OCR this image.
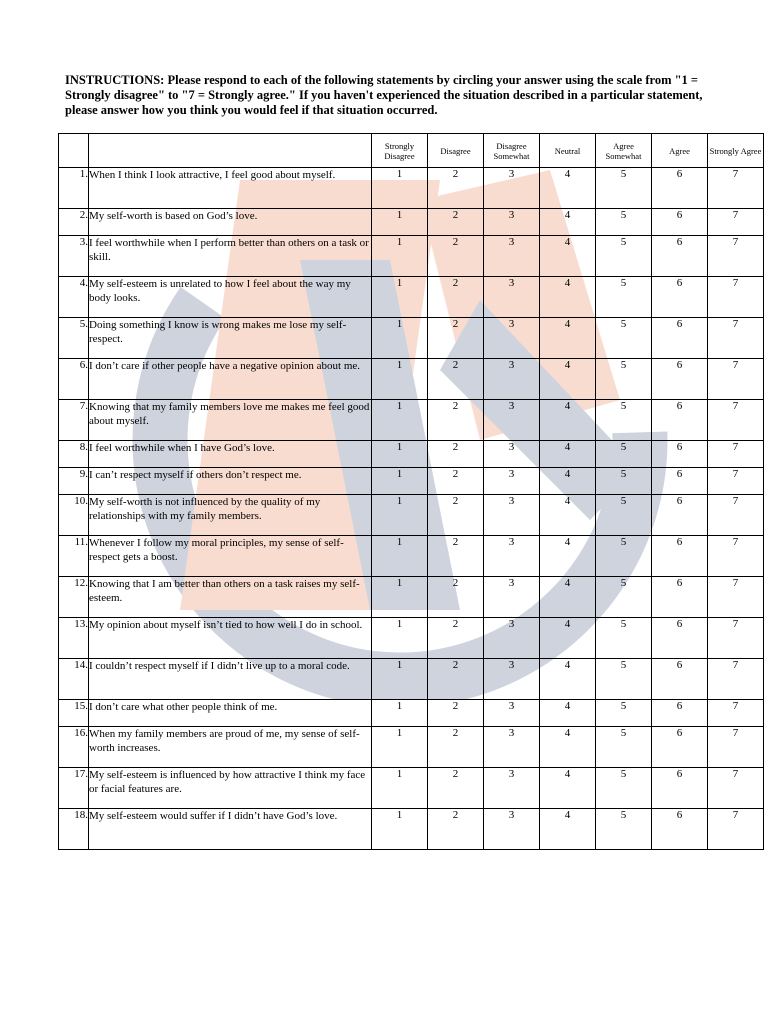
INSTRUCTIONS: Please respond to each of the following statements by circling your answer using the scale from "1 = Strongly disagree" to "7 = Strongly agree." If you haven't experienced the situation described in a particular statement, please answer how you think you would feel if that situation occurred.
		Strongly Disagree	Disagree	Disagree Somewhat	Neutral	Agree Somewhat	Agree	Strongly Agree
1.	When I think I look attractive, I feel good about myself.	1	2	3	4	5	6	7
2.	My self-worth is based on God’s love.	1	2	3	4	5	6	7
3.	I feel worthwhile when I perform better than others on a task or skill.	1	2	3	4	5	6	7
4.	My self-esteem is unrelated to how I feel about the way my body looks.	1	2	3	4	5	6	7
5.	Doing something I know is wrong makes me lose my self-respect.	1	2	3	4	5	6	7
6.	I don’t care if other people have a negative opinion about me.	1	2	3	4	5	6	7
7.	Knowing that my family members love me makes me feel good about myself.	1	2	3	4	5	6	7
8.	I feel worthwhile when I have God’s love.	1	2	3	4	5	6	7
9.	I can’t respect myself if others don’t respect me.	1	2	3	4	5	6	7
10.	My self-worth is not influenced by the quality of my relationships with my family members.	1	2	3	4	5	6	7
11.	Whenever I follow my moral principles, my sense of self-respect gets a boost.	1	2	3	4	5	6	7
12.	Knowing that I am better than others on a task raises my self-esteem.	1	2	3	4	5	6	7
13.	My opinion about myself isn’t tied to how well I do in school.	1	2	3	4	5	6	7
14.	I couldn’t respect myself if I didn’t live up to a moral code.	1	2	3	4	5	6	7
15.	I don’t care what other people think of me.	1	2	3	4	5	6	7
16.	When my family members are proud of me, my sense of self-worth increases.	1	2	3	4	5	6	7
17.	My self-esteem is influenced by how attractive I think my face or facial features are.	1	2	3	4	5	6	7
18.	My self-esteem would suffer if I didn’t have God’s love.	1	2	3	4	5	6	7
